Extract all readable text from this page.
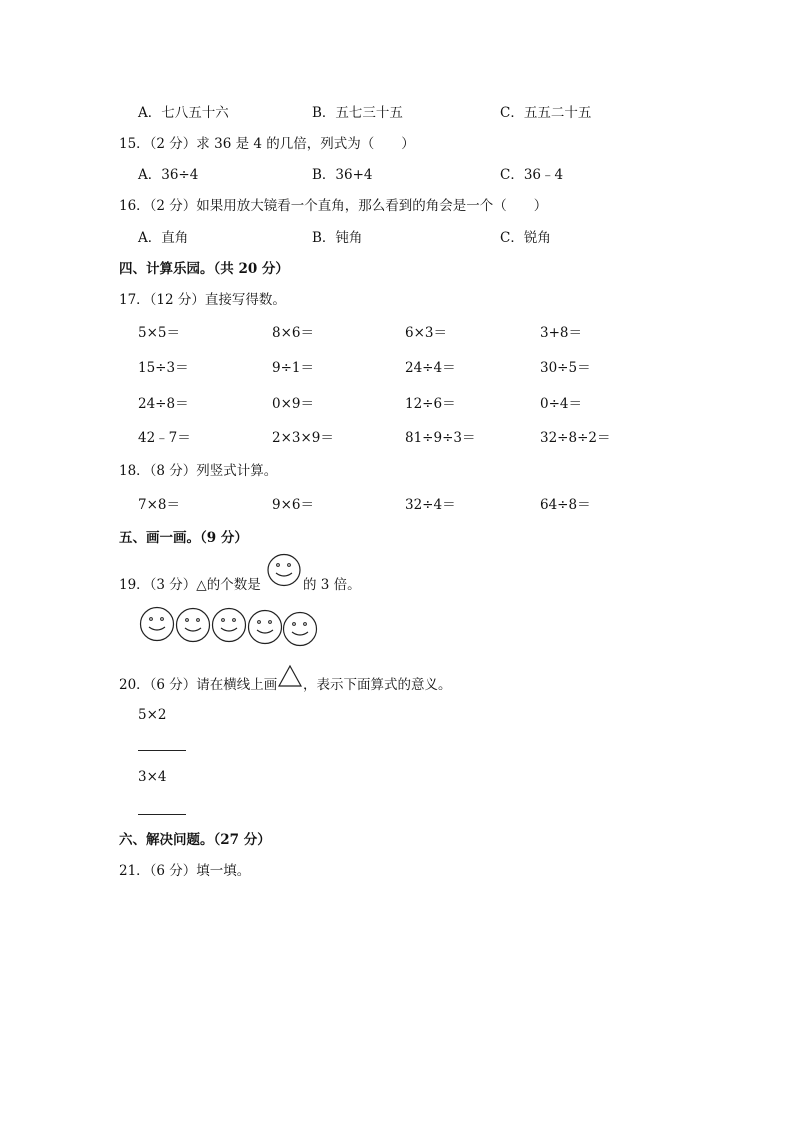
A．七八五十六	B．五七三十五	C．五五二十五
15．（2 分）求 36 是 4 的几倍，列式为（　　）
A．36÷4	B．36+4	C．36﹣4
16．（2 分）如果用放大镜看一个直角，那么看到的角会是一个（　　）
A．直角	B．钝角	C．锐角
四、计算乐园。（共 20 分）
17．（12 分）直接写得数。
5×5＝	8×6＝	6×3＝	3+8＝
15÷3＝	9÷1＝	24÷4＝	30÷5＝
24÷8＝	0×9＝	12÷6＝	0÷4＝
42﹣7＝	2×3×9＝	81÷9÷3＝	32÷8÷2＝
18．（8 分）列竖式计算。
7×8＝	9×6＝	32÷4＝	64÷8＝
五、画一画。（9 分）
19．（3 分）△的个数是	的 3 倍。
20．（6 分）请在横线上画 ，表示下面算式的意义。
5×2
3×4
六、解决问题。（27 分）
21．（6 分）填一填。
